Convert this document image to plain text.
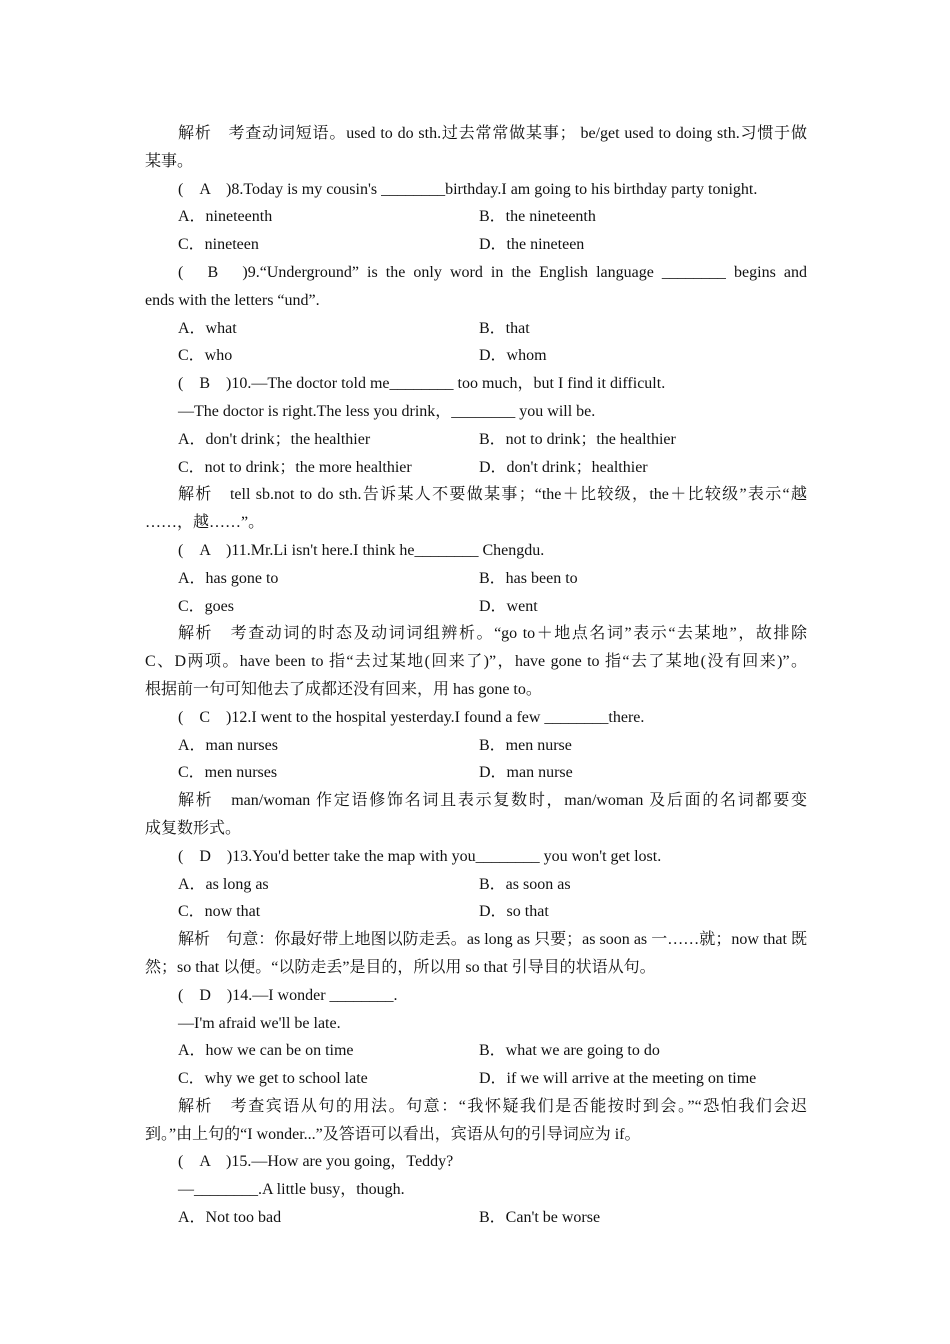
解析　考查动词短语。used to do sth.过去常常做某事； be/get used to doing sth.习惯于做
某事。
(　A　)8.Today is my cousin's ________birthday.I am going to his birthday party tonight.
A．nineteenth	B．the nineteenth
C．nineteen	D．the nineteen
(　B　)9.“Underground” is the only word in the English language ________ begins and
ends with the letters “und”.
A．what	B．that
C．who	D．whom
(　B　)10.—The doctor told me________ too much，but I find it difficult.
—The doctor is right.The less you drink，________ you will be.
A．don't drink；the healthier	B．not to drink；the healthier
C．not to drink；the more healthier	D．don't drink；healthier
解析　tell sb.not to do sth.告诉某人不要做某事；“the＋比较级，the＋比较级”表示“越
……，越……”。
(　A　)11.Mr.Li isn't here.I think he________ Chengdu.
A．has gone to	B．has been to
C．goes	D．went
解析　考查动词的时态及动词词组辨析。“go to＋地点名词”表示“去某地”，故排除
C、D两项。have been to 指“去过某地(回来了)”，have gone to 指“去了某地(没有回来)”。
根据前一句可知他去了成都还没有回来，用 has gone to。
(　C　)12.I went to the hospital yesterday.I found a few ________there.
A．man nurses	B．men nurse
C．men nurses	D．man nurse
解析　man/woman 作定语修饰名词且表示复数时，man/woman 及后面的名词都要变
成复数形式。
(　D　)13.You'd better take the map with you________ you won't get lost.
A．as long as	B．as soon as
C．now that	D．so that
解析　句意：你最好带上地图以防走丢。as long as 只要；as soon as 一……就；now that 既
然；so that 以便。“以防走丢”是目的，所以用 so that 引导目的状语从句。
(　D　)14.—I wonder ________.
—I'm afraid we'll be late.
A．how we can be on time	B．what we are going to do
C．why we get to school late	D．if we will arrive at the meeting on time
解析　考查宾语从句的用法。句意：“我怀疑我们是否能按时到会。”“恐怕我们会迟
到。”由上句的“I wonder...”及答语可以看出，宾语从句的引导词应为 if。
(　A　)15.—How are you going，Teddy?
—________.A little busy，though.
A．Not too bad	B．Can't be worse
